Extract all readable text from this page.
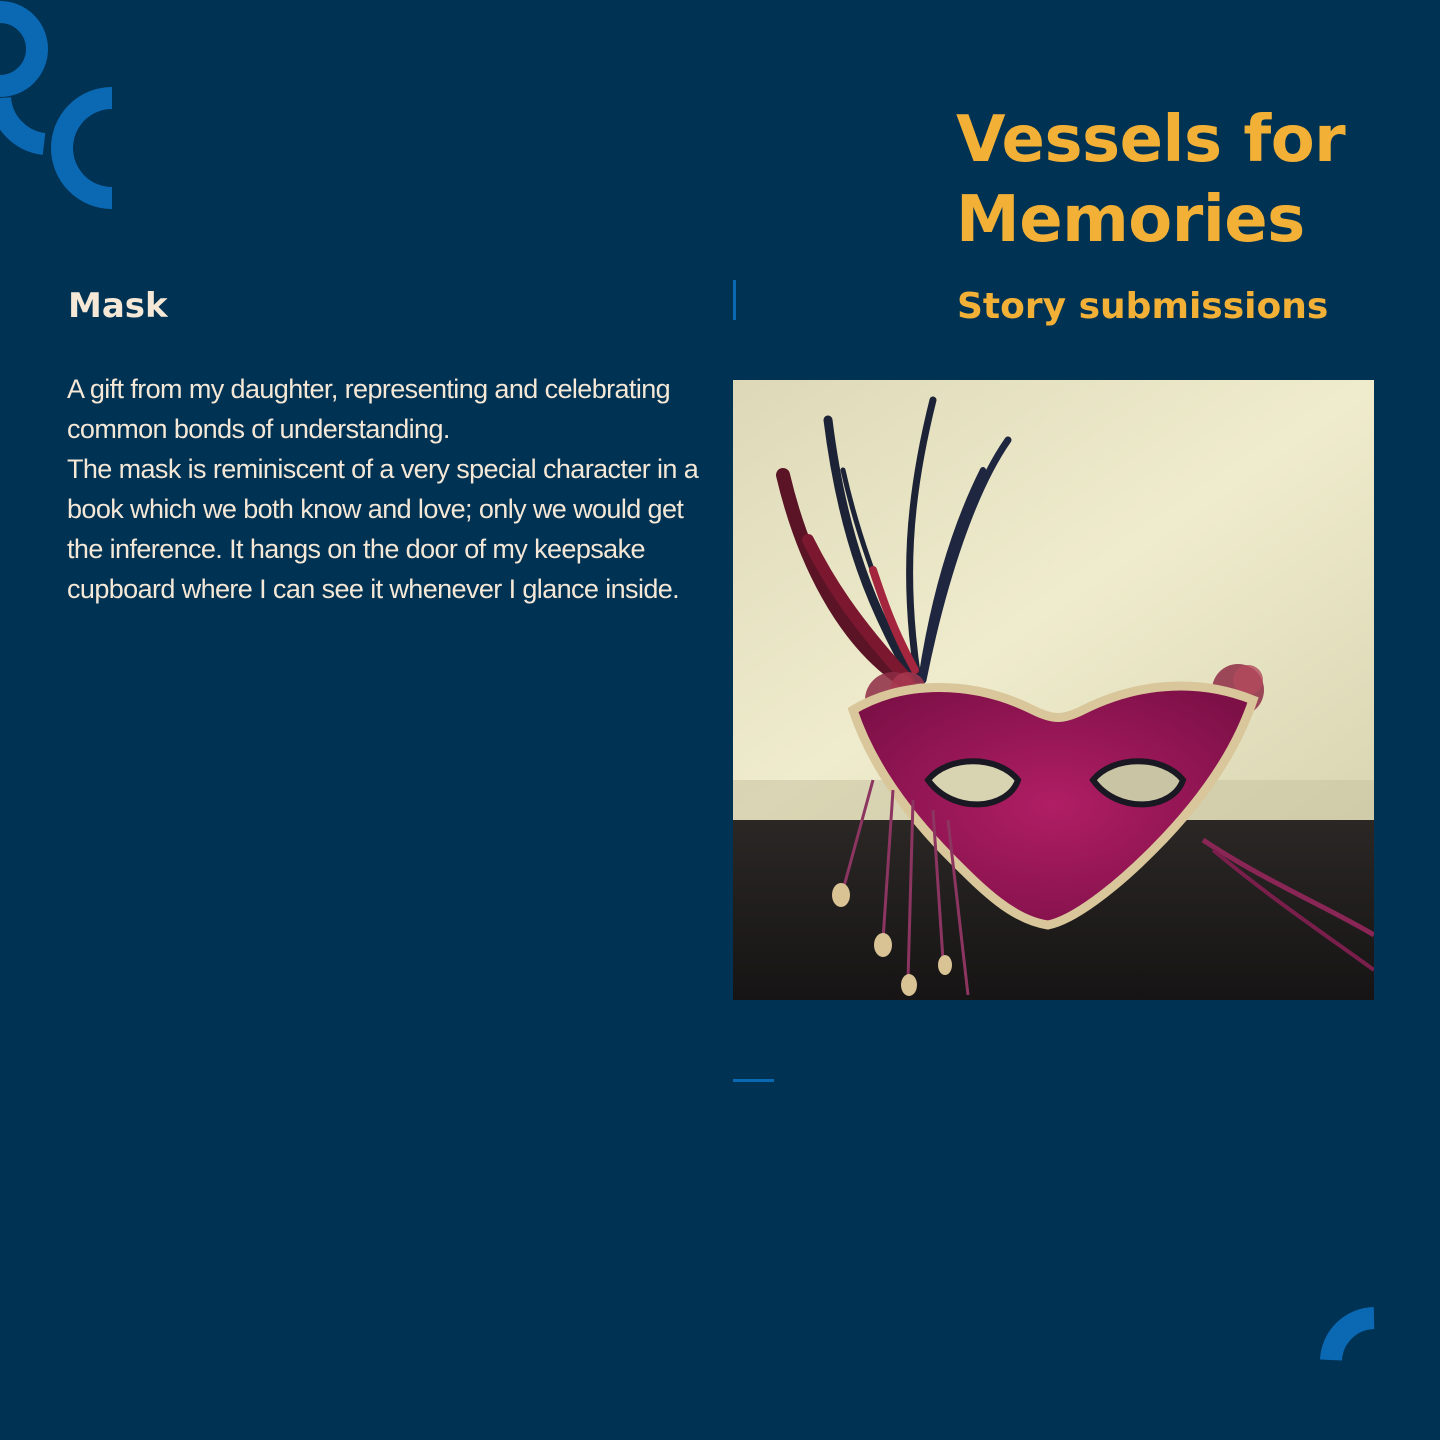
Vessels for Memories
Story submissions
Mask

A gift from my daughter, representing and celebrating common bonds of understanding.

The mask is reminiscent of a very special character in a book which we both know and love; only we would get the inference. It hangs on the door of my keepsake cupboard where I can see it whenever I glance inside.
